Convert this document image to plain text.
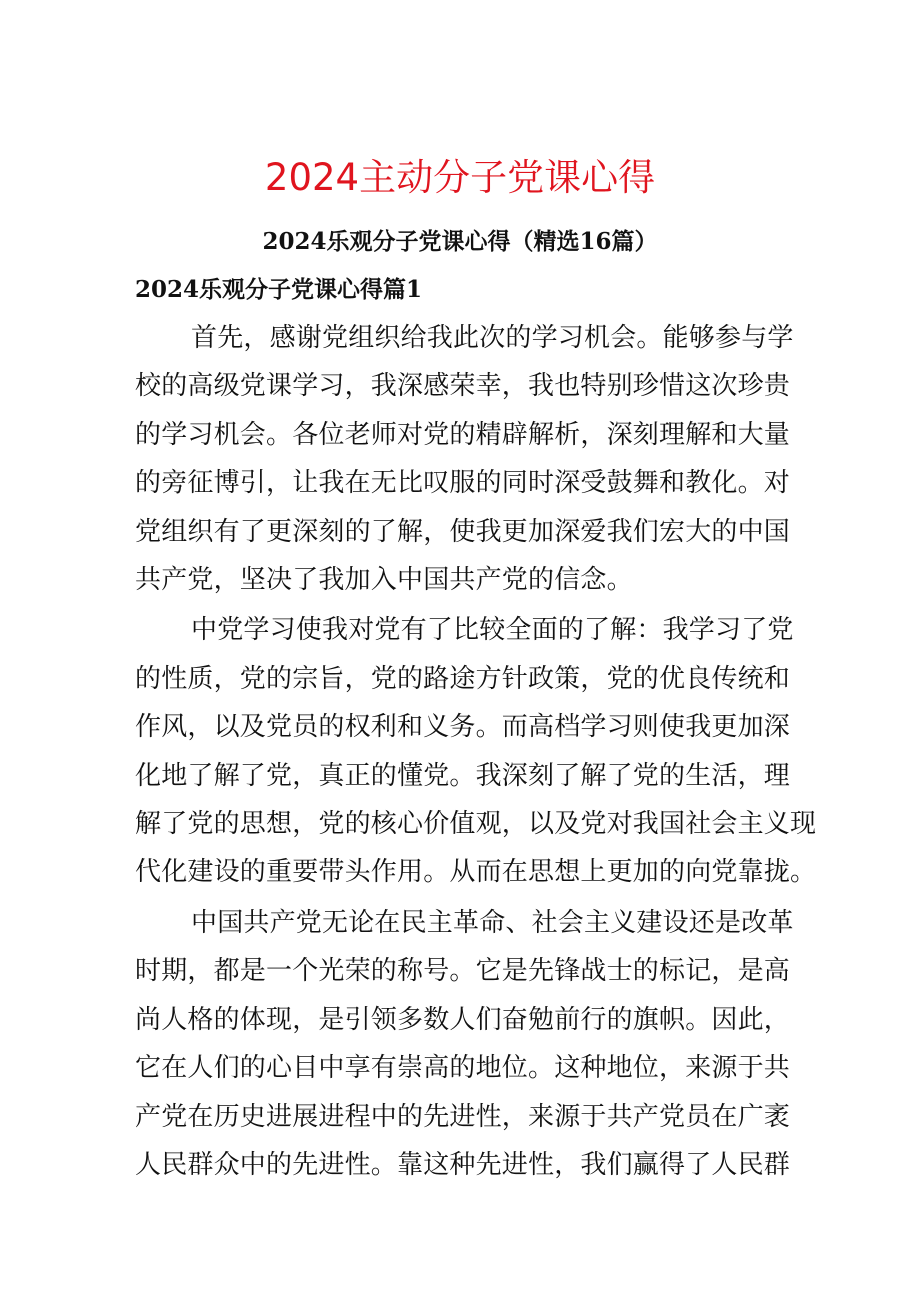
2024主动分子党课心得
2024乐观分子党课心得（精选16篇）
2024乐观分子党课心得篇1

首先，感谢党组织给我此次的学习机会。能够参与学
校的高级党课学习，我深感荣幸，我也特别珍惜这次珍贵
的学习机会。各位老师对党的精辟解析，深刻理解和大量
的旁征博引，让我在无比叹服的同时深受鼓舞和教化。对
党组织有了更深刻的了解，使我更加深爱我们宏大的中国
共产党，坚决了我加入中国共产党的信念。

中党学习使我对党有了比较全面的了解：我学习了党
的性质，党的宗旨，党的路途方针政策，党的优良传统和
作风，以及党员的权利和义务。而高档学习则使我更加深
化地了解了党，真正的懂党。我深刻了解了党的生活，理
解了党的思想，党的核心价值观，以及党对我国社会主义现
代化建设的重要带头作用。从而在思想上更加的向党靠拢。

中国共产党无论在民主革命、社会主义建设还是改革
时期，都是一个光荣的称号。它是先锋战士的标记，是高
尚人格的体现，是引领多数人们奋勉前行的旗帜。因此，
它在人们的心目中享有崇高的地位。这种地位，来源于共
产党在历史进展进程中的先进性，来源于共产党员在广袤
人民群众中的先进性。靠这种先进性，我们赢得了人民群
